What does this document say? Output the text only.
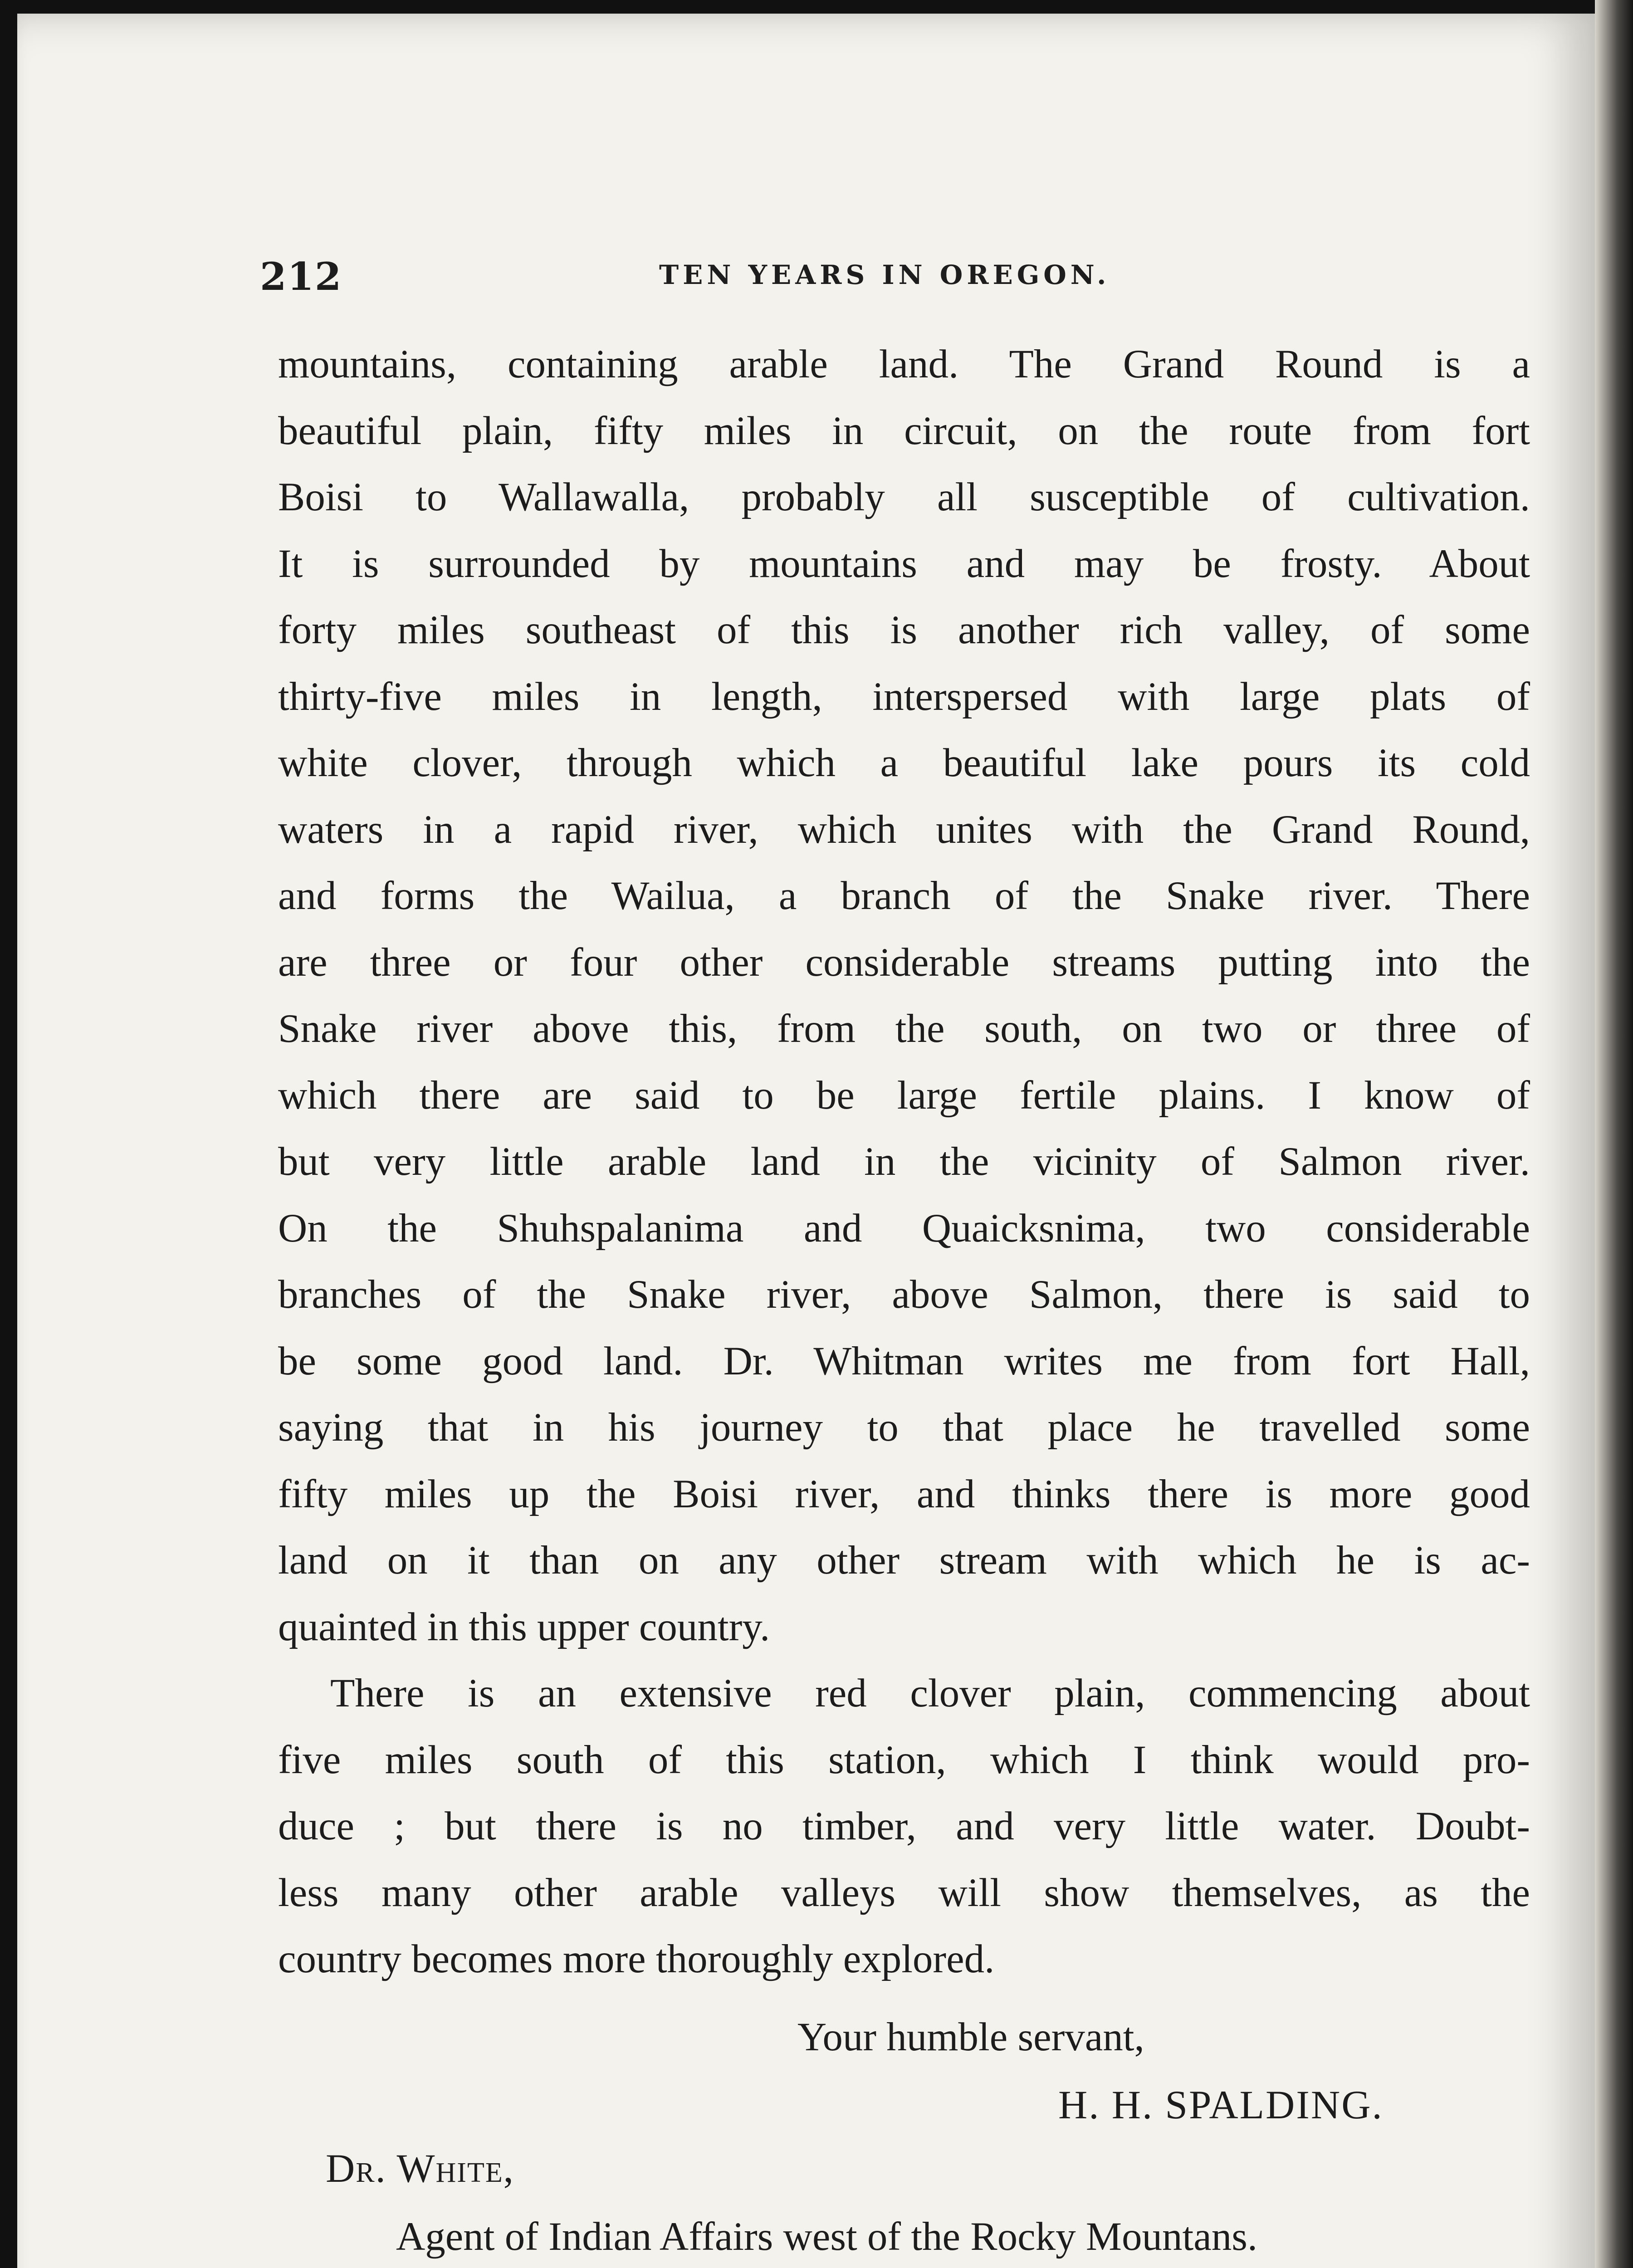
212	TEN YEARS IN OREGON.
mountains, containing arable land. The Grand Round is a
beautiful plain, fifty miles in circuit, on the route from fort
Boisi to Wallawalla, probably all susceptible of cultivation.
It is surrounded by mountains and may be frosty. About
forty miles southeast of this is another rich valley, of some
thirty-five miles in length, interspersed with large plats of
white clover, through which a beautiful lake pours its cold
waters in a rapid river, which unites with the Grand Round,
and forms the Wailua, a branch of the Snake river. There
are three or four other considerable streams putting into the
Snake river above this, from the south, on two or three of
which there are said to be large fertile plains. I know of
but very little arable land in the vicinity of Salmon river.
On the Shuhspalanima and Quaicksnima, two considerable
branches of the Snake river, above Salmon, there is said to
be some good land. Dr. Whitman writes me from fort Hall,
saying that in his journey to that place he travelled some
fifty miles up the Boisi river, and thinks there is more good
land on it than on any other stream with which he is ac-
quainted in this upper country.
There is an extensive red clover plain, commencing about
five miles south of this station, which I think would pro-
duce ; but there is no timber, and very little water. Doubt-
less many other arable valleys will show themselves, as the
country becomes more thoroughly explored.
Your humble servant,
H. H. SPALDING.
Dr. White,
Agent of Indian Affairs west of the Rocky Mountans.
